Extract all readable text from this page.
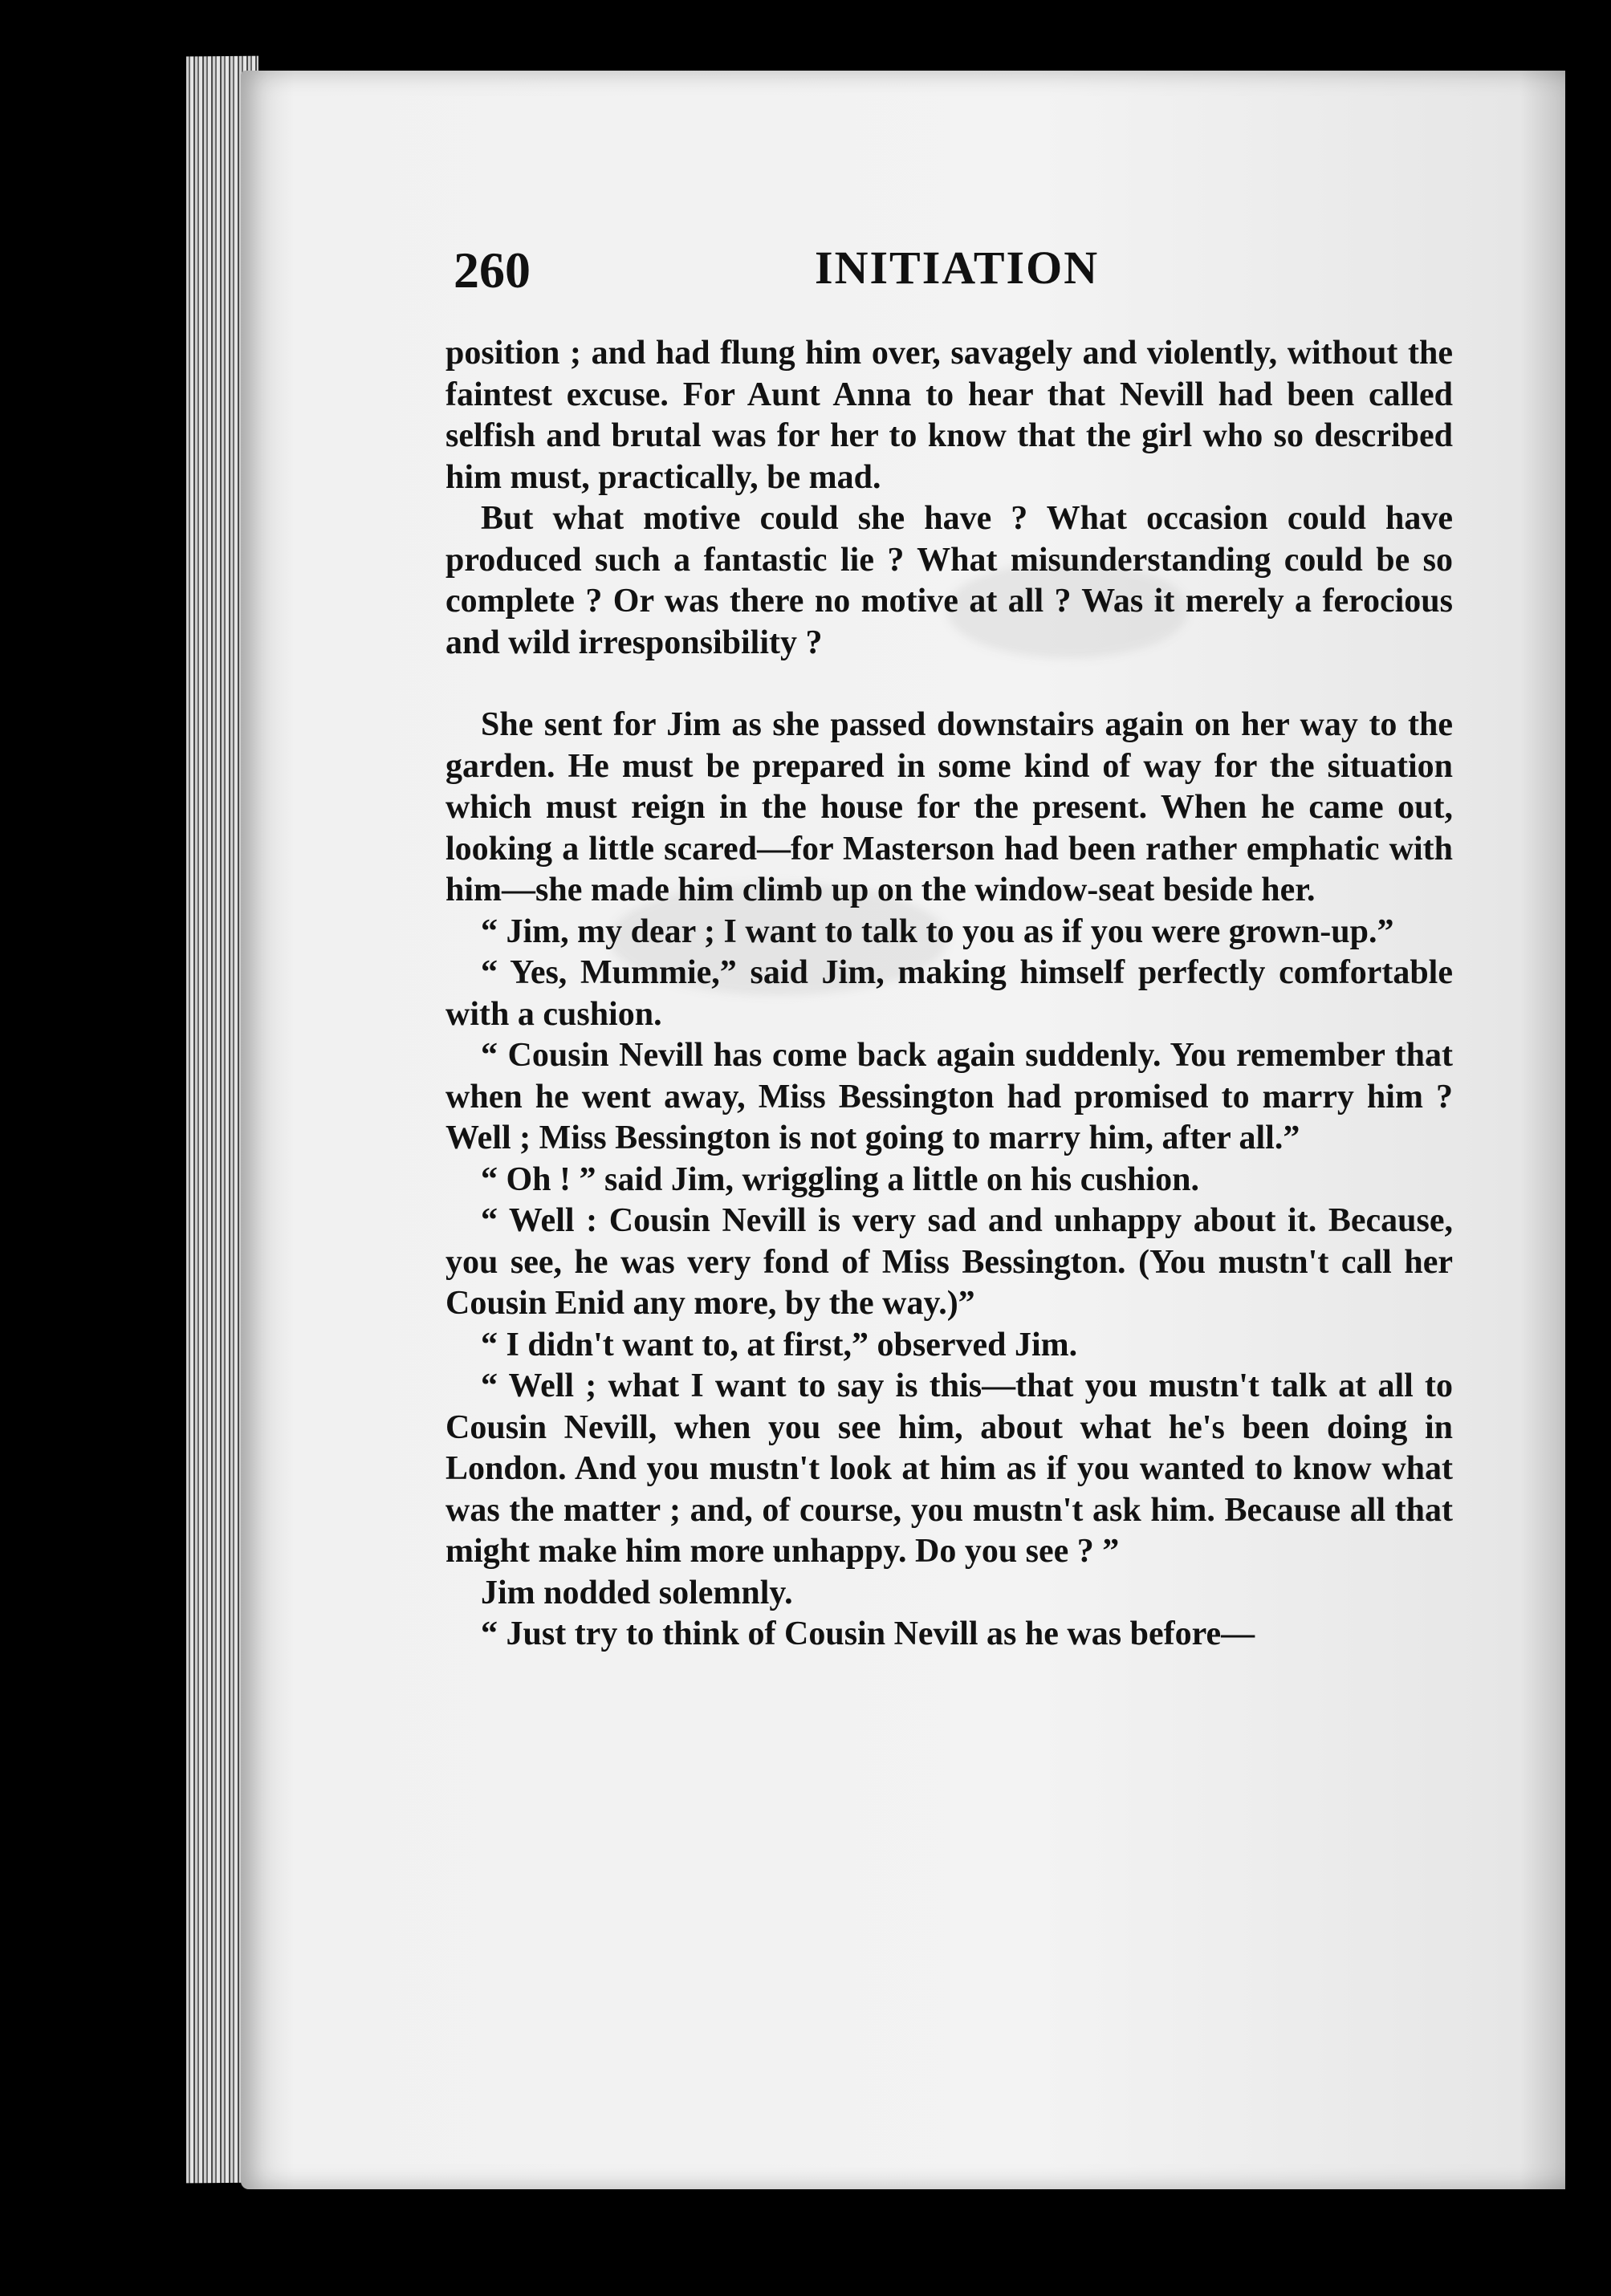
260	INITIATION

position ; and had flung him over, savagely and violently, without the faintest excuse. For Aunt Anna to hear that Nevill had been called selfish and brutal was for her to know that the girl who so described him must, practically, be mad.

But what motive could she have ? What occasion could have produced such a fantastic lie ? What misunderstanding could be so complete ? Or was there no motive at all ? Was it merely a ferocious and wild irresponsibility ?

She sent for Jim as she passed downstairs again on her way to the garden. He must be prepared in some kind of way for the situation which must reign in the house for the present. When he came out, looking a little scared—for Masterson had been rather emphatic with him—she made him climb up on the window-seat beside her.

“ Jim, my dear ; I want to talk to you as if you were grown-up.”

“ Yes, Mummie,” said Jim, making himself perfectly comfortable with a cushion.

“ Cousin Nevill has come back again suddenly. You remember that when he went away, Miss Bessington had promised to marry him ? Well ; Miss Bessington is not going to marry him, after all.”

“ Oh ! ” said Jim, wriggling a little on his cushion.

“ Well : Cousin Nevill is very sad and unhappy about it. Because, you see, he was very fond of Miss Bessington. (You mustn't call her Cousin Enid any more, by the way.)”

“ I didn't want to, at first,” observed Jim.

“ Well ; what I want to say is this—that you mustn't talk at all to Cousin Nevill, when you see him, about what he's been doing in London. And you mustn't look at him as if you wanted to know what was the matter ; and, of course, you mustn't ask him. Because all that might make him more unhappy. Do you see ? ”

Jim nodded solemnly.

“ Just try to think of Cousin Nevill as he was before—
